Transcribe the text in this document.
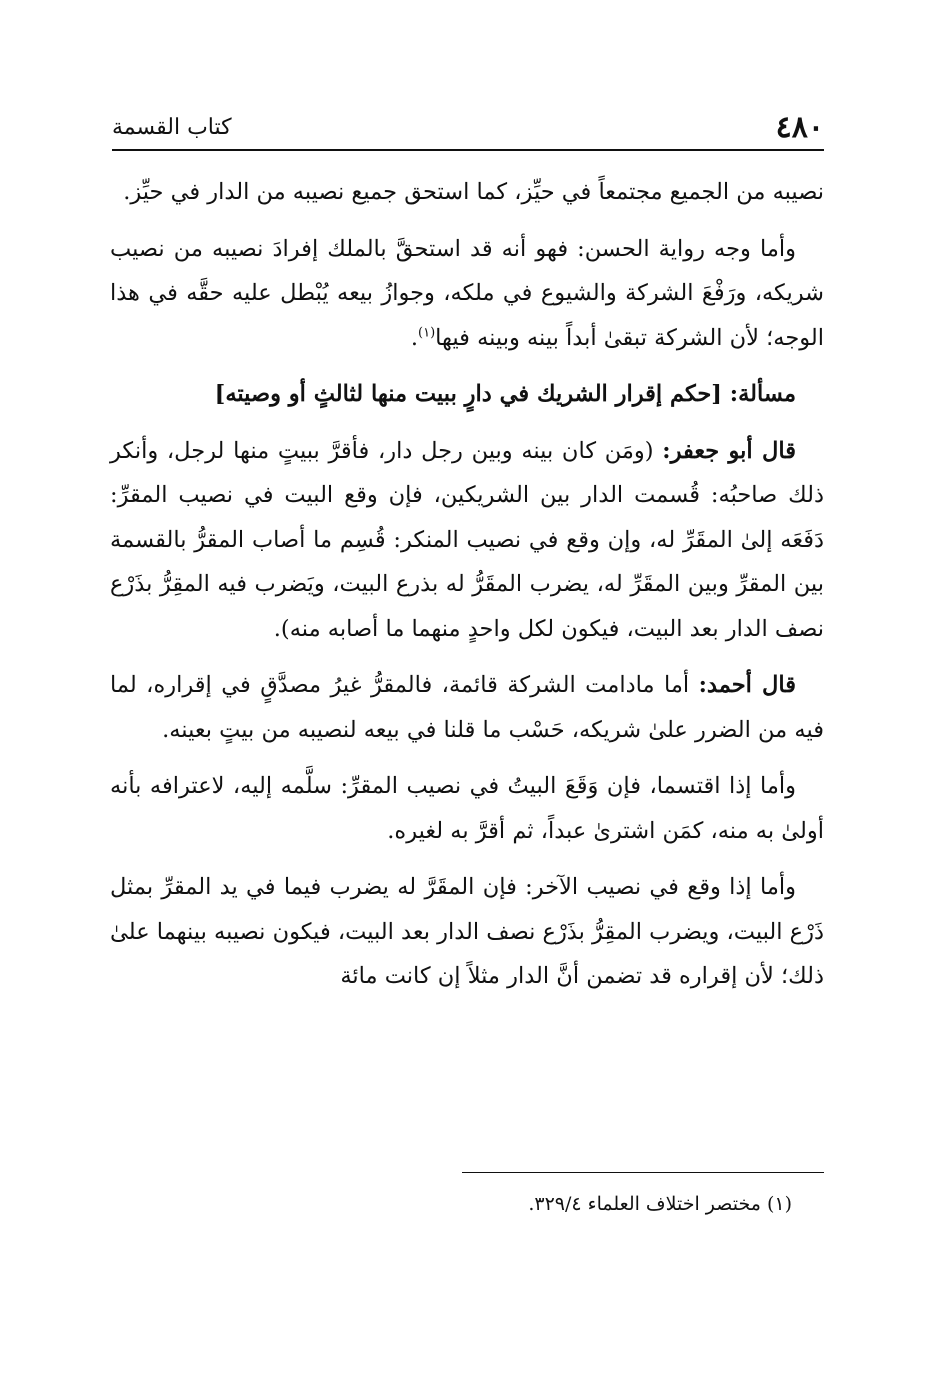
٤٨٠
كتاب القسمة

نصيبه من الجميع مجتمعاً في حيِّز، كما استحق جميع نصيبه من الدار في حيِّز.

وأما وجه رواية الحسن: فهو أنه قد استحقَّ بالملك إفرادَ نصيبه من نصيب شريكه، ورَفْعَ الشركة والشيوع في ملكه، وجوازُ بيعه يُبْطل عليه حقَّه في هذا الوجه؛ لأن الشركة تبقىٰ أبداً بينه وبينه فيها$^{(١)}$.

مسألة: [حكم إقرار الشريك في دارٍ ببيت منها لثالثٍ أو وصيته]

قال أبو جعفر: (ومَن كان بينه وبين رجل دار، فأقرَّ ببيتٍ منها لرجل، وأنكر ذلك صاحبُه: قُسمت الدار بين الشريكين، فإن وقع البيت في نصيب المقرِّ: دَفَعَه إلىٰ المقَرِّ له، وإن وقع في نصيب المنكر: قُسِم ما أصاب المقرُّ بالقسمة بين المقرِّ وبين المقَرِّ له، يضرب المقَرُّ له بذرع البيت، ويَضرب فيه المقِرُّ بذَرْع نصف الدار بعد البيت، فيكون لكل واحدٍ منهما ما أصابه منه).

قال أحمد: أما مادامت الشركة قائمة، فالمقرُّ غيرُ مصدَّقٍ في إقراره، لما فيه من الضرر علىٰ شريكه، حَسْب ما قلنا في بيعه لنصيبه من بيتٍ بعينه.

وأما إذا اقتسما، فإن وَقَعَ البيتُ في نصيب المقرِّ: سلَّمه إليه، لاعترافه بأنه أولىٰ به منه، كمَن اشترىٰ عبداً، ثم أقرَّ به لغيره.

وأما إذا وقع في نصيب الآخر: فإن المقَرَّ له يضرب فيما في يد المقرِّ بمثل ذَرْع البيت، ويضرب المقِرُّ بذَرْع نصف الدار بعد البيت، فيكون نصيبه بينهما علىٰ ذلك؛ لأن إقراره قد تضمن أنَّ الدار مثلاً إن كانت مائة

(١) مختصر اختلاف العلماء ٣٢٩/٤.
